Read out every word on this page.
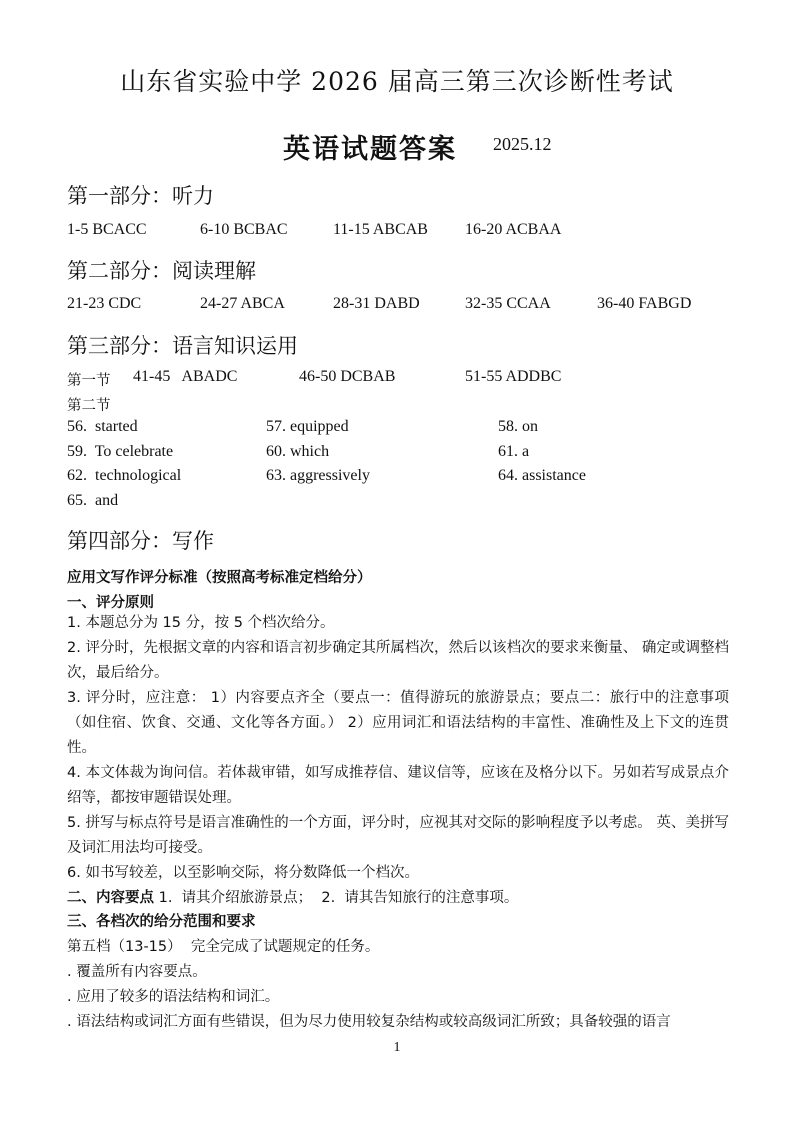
山东省实验中学 2026 届高三第三次诊断性考试
英语试题答案 2025.12
第一部分：听力
1-5 BCACC	6-10 BCBAC	11-15 ABCAB 16-20 ACBAA
第二部分：阅读理解
21-23 CDC	24-27 ABCA	28-31 DABD	32-35 CCAA	36-40 FABGD
第三部分：语言知识运用
第一节 41-45   ABADC	46-50 DCBAB	51-55 ADDBC
第二节
56.  started	57. equipped	58. on
59.  To celebrate	60. which	61. a
62.  technological	63. aggressively	64. assistance
65.  and
第四部分：写作
应用文写作评分标准（按照高考标准定档给分）
一、评分原则
1. 本题总分为 15 分，按 5 个档次给分。
2. 评分时，先根据文章的内容和语言初步确定其所属档次，然后以该档次的要求来衡量、 确定或调整档次，最后给分。
3. 评分时，应注意： 1）内容要点齐全（要点一：值得游玩的旅游景点；要点二：旅行中的注意事项（如住宿、饮食、交通、文化等各方面。） 2）应用词汇和语法结构的丰富性、准确性及上下文的连贯性。
4. 本文体裁为询问信。若体裁审错，如写成推荐信、建议信等，应该在及格分以下。另如若写成景点介绍等，都按审题错误处理。
5. 拼写与标点符号是语言准确性的一个方面，评分时，应视其对交际的影响程度予以考虑。 英、美拼写及词汇用法均可接受。
6. 如书写较差，以至影响交际，将分数降低一个档次。
二、内容要点 1.  请其介绍旅游景点；  2.  请其告知旅行的注意事项。
三、各档次的给分范围和要求
第五档（13-15）  完全完成了试题规定的任务。
. 覆盖所有内容要点。
. 应用了较多的语法结构和词汇。
. 语法结构或词汇方面有些错误，但为尽力使用较复杂结构或较高级词汇所致；具备较强的语言
1
